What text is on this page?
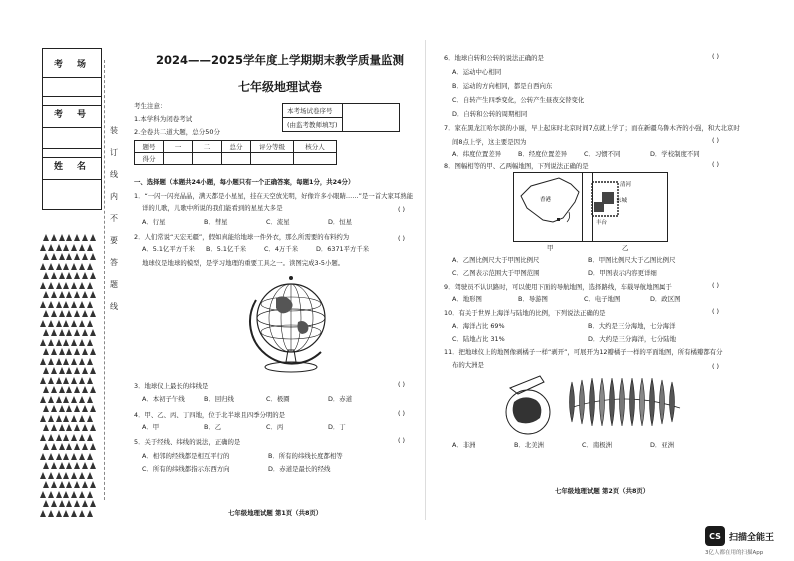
考场
考号
姓名
装
订
线
内
不
要
答
题
线
2024——2025学年度上学期期末教学质量监测
七年级地理试卷
考生注意：
1.本学科为闭卷考试
2.全卷共二道大题，总分50分
本考场试卷序号	
(由监考教师填写)
题号	一	二	总分	评分等级	核分人
得分					
一、选择题（本题共24小题，每小题只有一个正确答案，每题1分，共24分）
1．“一闪一闪亮晶晶，满天都是小星星，挂在天空放光明，好像许多小眼睛……”是一首大家耳熟能
详的儿歌，儿歌中所说的我们能看到的星星大多是	( )
A．行星	B．彗星	C．流星	D．恒星
2．人们常说“天宏无疆”，假如真能给地球一件外衣，那么所需要的布料约为	( )
A．5.1亿平方千米	B．5.1亿千米	C．4万千米	D．6371平方千米
地球仪是地球的模型，是学习地理的重要工具之一。读图完成3-5小题。
3．地球仪上最长的纬线是	( )
A．本初子午线	B．回归线	C．极圈	D．赤道
4．甲、乙、丙、丁四地，位于北半球且四季分明的是	( )
A．甲	B．乙	C．丙	D．丁
5．关于经线、纬线的说法，正确的是	( )
A．相邻的经线都是相互平行的	B．所有的纬线长度都相等
C．所有的纬线都指示东西方向	D．赤道是最长的经线
七年级地理试题 第1页（共8页）
6．地球自转和公转的说法正确的是	( )
A．运动中心相同
B．运动的方向相同，都是自西向东
C．自转产生四季变化，公转产生昼夜交替变化
D．自转和公转的周期相同
7．家在黑龙江哈尔滨的小丽，早上起床时北京时间7点就上学了；而在新疆乌鲁木齐的小强，和大北京时
间8点上学，这主要是因为	( )
A．纬度位置差异	B．经度位置差异	C．习惯不同	D．学校制度不同
8．图幅相等的甲、乙两幅地图，下列说法正确的是	( )
香港
甲
清河
东城
丰台
乙
A．乙图比例尺大于甲图比例尺	B．甲图比例尺大于乙图比例尺
C．乙图表示范围大于甲图范围	D．甲图表示内容更详细
9．驾驶员不认识路时，可以使用下面的导航地图，选择路线，车载导航地图属于	( )
A．地形图	B．导游图	C．电子地图	D．政区图
10．有关于世界上海洋与陆地的比例，下列说法正确的是	( )
A．海洋占比 69%	B．大约是三分海地，七分海洋
C．陆地占比 31%	D．大约是三分海洋，七分陆地
11．把地球仪上的地图像剥橘子一样“剥开”，可展开为12瓣橘子一样的平面地图，所有橘瓣都有分
布的大洲是	( )
A．非洲	B．北美洲	C．南极洲	D．亚洲
七年级地理试题 第2页（共8页）
CS 扫描全能王
3亿人都在用的扫描App
